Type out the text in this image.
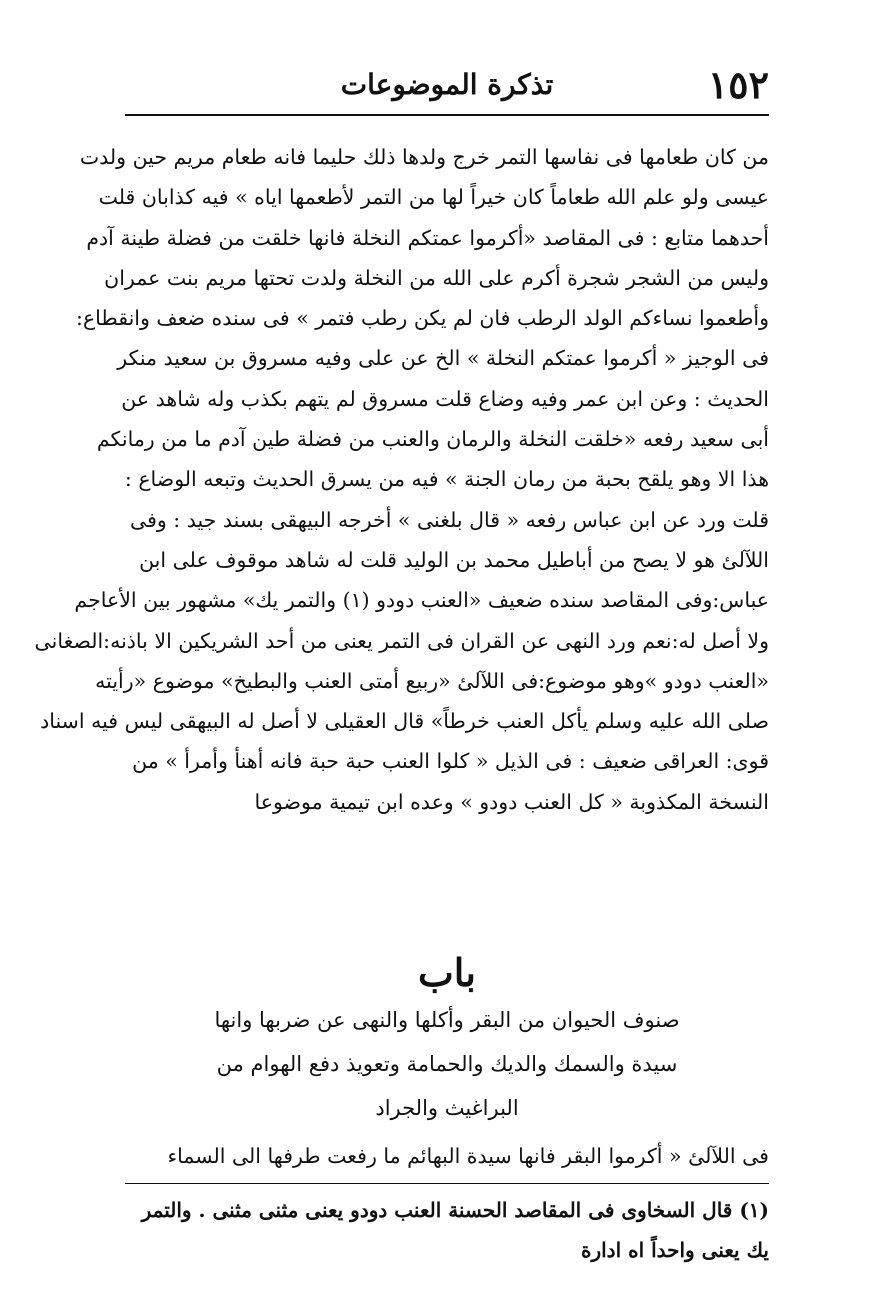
١٥٢
تذكرة الموضوعات
من كان طعامها فى نفاسها التمر خرج ولدها ذلك حليما فانه طعام مريم حين ولدت
عيسى ولو علم الله طعاماً كان خيراً لها من التمر لأطعمها اياه » فيه كذابان قلت
أحدهما متابع : فى المقاصد «أكرموا عمتكم النخلة فانها خلقت من فضلة طينة آدم
وليس من الشجر شجرة أكرم على الله من النخلة ولدت تحتها مريم بنت عمران
وأطعموا نساءكم الولد الرطب فان لم يكن رطب فتمر » فى سنده ضعف وانقطاع:
فى الوجيز « أكرموا عمتكم النخلة » الخ عن على وفيه مسروق بن سعيد منكر
الحديث : وعن ابن عمر وفيه وضاع قلت مسروق لم يتهم بكذب وله شاهد عن
أبى سعيد رفعه «خلقت النخلة والرمان والعنب من فضلة طين آدم ما من رمانكم
هذا الا وهو يلقح بحبة من رمان الجنة » فيه من يسرق الحديث وتبعه الوضاع :
قلت ورد عن ابن عباس رفعه « قال بلغنى » أخرجه البيهقى بسند جيد : وفى
اللآلئ هو لا يصح من أباطيل محمد بن الوليد قلت له شاهد موقوف على ابن
عباس:وفى المقاصد سنده ضعيف «العنب دودو (١) والتمر يك» مشهور بين الأعاجم
ولا أصل له:نعم ورد النهى عن القران فى التمر يعنى من أحد الشريكين الا باذنه:الصغانى
«العنب دودو »وهو موضوع:فى اللآلئ «ربيع أمتى العنب والبطيخ» موضوع «رأيته
صلى الله عليه وسلم يأكل العنب خرطاً» قال العقيلى لا أصل له البيهقى ليس فيه اسناد
قوى: العراقى ضعيف : فى الذيل « كلوا العنب حبة حبة فانه أهنأ وأمرأ » من
النسخة المكذوبة « كل العنب دودو » وعده ابن تيمية موضوعا
باب
صنوف الحيوان من البقر وأكلها والنهى عن ضربها وانها
سيدة والسمك والديك والحمامة وتعويذ دفع الهوام من
البراغيث والجراد
فى اللآلئ « أكرموا البقر فانها سيدة البهائم ما رفعت طرفها الى السماء
(١) قال السخاوى فى المقاصد الحسنة العنب دودو يعنى مثنى مثنى . والتمر
يك يعنى واحداً اه ادارة
